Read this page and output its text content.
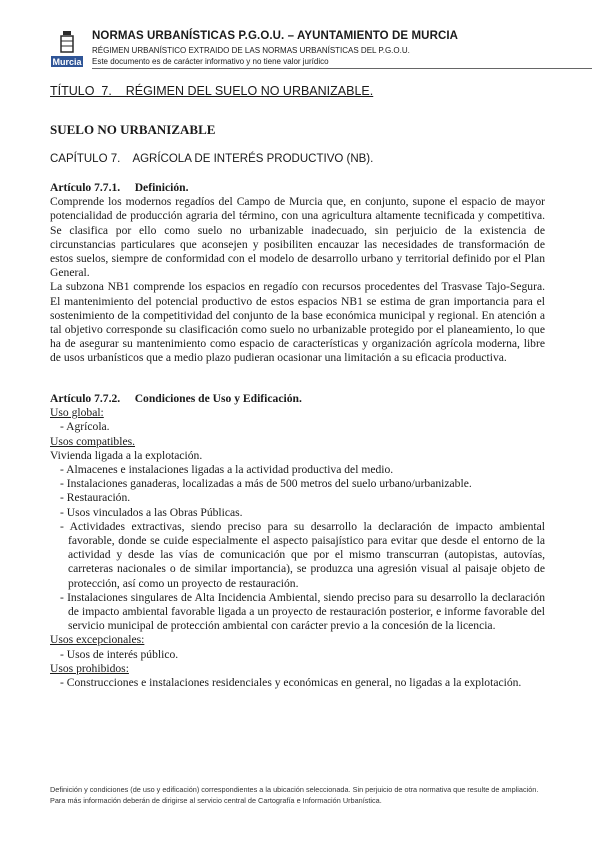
Murcia
NORMAS URBANÍSTICAS P.G.O.U. – AYUNTAMIENTO DE MURCIA
RÉGIMEN URBANÍSTICO EXTRAIDO DE LAS NORMAS URBANÍSTICAS DEL P.G.O.U.
Este documento es de carácter informativo y no tiene valor jurídico
TÍTULO  7.    RÉGIMEN DEL SUELO NO URBANIZABLE.
SUELO NO URBANIZABLE
CAPÍTULO 7.    AGRÍCOLA DE INTERÉS PRODUCTIVO (NB).
Artículo 7.7.1.     Definición.

Comprende los modernos regadíos del Campo de Murcia que, en conjunto, supone el espacio de mayor potencialidad de producción agraria del término, con una agricultura altamente tecnificada y competitiva. Se clasifica por ello como suelo no urbanizable inadecuado, sin perjuicio de la existencia de circunstancias particulares que aconsejen y posibiliten encauzar las necesidades de transformación de estos suelos, siempre de conformidad con el modelo de desarrollo urbano y territorial definido por el Plan General.

La subzona NB1 comprende los espacios en regadío con recursos procedentes del Trasvase Tajo-Segura. El mantenimiento del potencial productivo de estos espacios NB1 se estima de gran importancia para el sostenimiento de la competitividad del conjunto de la base económica municipal y regional. En atención a tal objetivo corresponde su clasificación como suelo no urbanizable protegido por el planeamiento, lo que ha de asegurar su mantenimiento como espacio de características y organización agrícola moderna, libre de usos urbanísticos que a medio plazo pudieran ocasionar una limitación a su eficacia productiva.

Artículo 7.7.2.     Condiciones de Uso y Edificación.
Uso global:
- Agrícola.
Usos compatibles.
Vivienda ligada a la explotación.
- Almacenes e instalaciones ligadas a la actividad productiva del medio.
- Instalaciones ganaderas, localizadas a más de 500 metros del suelo urbano/urbanizable.
- Restauración.
- Usos vinculados a las Obras Públicas.
- Actividades extractivas, siendo preciso para su desarrollo la declaración de impacto ambiental favorable, donde se cuide especialmente el aspecto paisajístico para evitar que desde el entorno de la actividad y desde las vías de comunicación que por el mismo transcurran (autopistas, autovías, carreteras nacionales o de similar importancia), se produzca una agresión visual al paisaje objeto de protección, así como un proyecto de restauración.
- Instalaciones singulares de Alta Incidencia Ambiental, siendo preciso para su desarrollo la declaración de impacto ambiental favorable ligada a un proyecto de restauración posterior, e informe favorable del servicio municipal de protección ambiental con carácter previo a la concesión de la licencia.
Usos excepcionales:
- Usos de interés público.
Usos prohibidos:
- Construcciones e instalaciones residenciales y económicas en general, no ligadas a la explotación.
Definición y condiciones (de uso y edificación) correspondientes a la ubicación seleccionada. Sin perjuicio de otra normativa que resulte de ampliación. Para más información deberán de dirigirse al servicio central de Cartografía e Información Urbanística.
